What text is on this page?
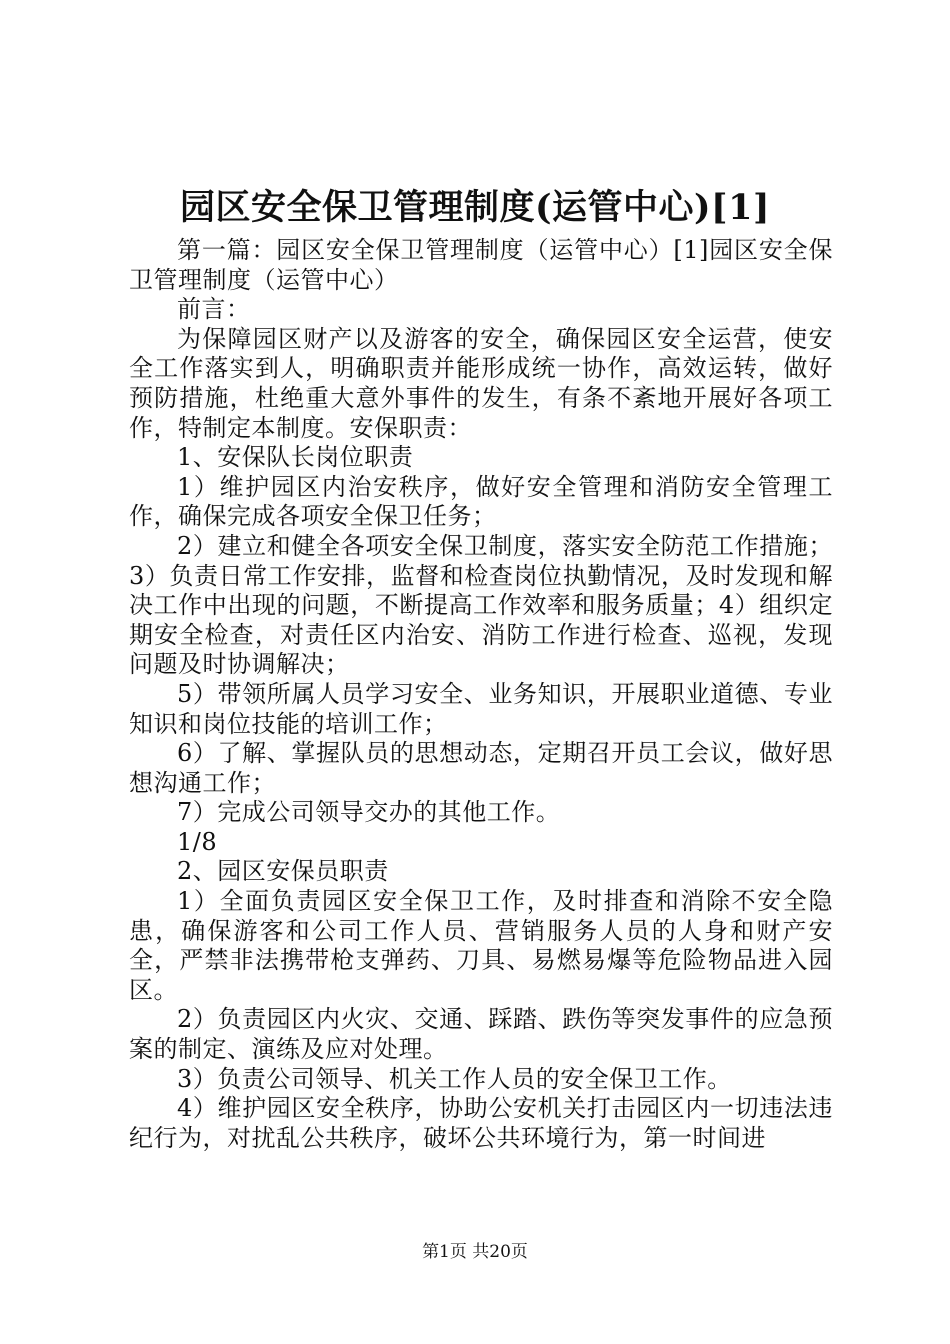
园区安全保卫管理制度(运管中心)[1]

第一篇：园区安全保卫管理制度（运管中心）[1]园区安全保卫管理制度（运管中心）

前言：

为保障园区财产以及游客的安全，确保园区安全运营，使安全工作落实到人，明确职责并能形成统一协作，高效运转，做好预防措施，杜绝重大意外事件的发生，有条不紊地开展好各项工作，特制定本制度。安保职责：

1、安保队长岗位职责

1）维护园区内治安秩序，做好安全管理和消防安全管理工作，确保完成各项安全保卫任务；

2）建立和健全各项安全保卫制度，落实安全防范工作措施；3）负责日常工作安排，监督和检查岗位执勤情况，及时发现和解决工作中出现的问题，不断提高工作效率和服务质量；4）组织定期安全检查，对责任区内治安、消防工作进行检查、巡视，发现问题及时协调解决；

5）带领所属人员学习安全、业务知识，开展职业道德、专业知识和岗位技能的培训工作；

6）了解、掌握队员的思想动态，定期召开员工会议，做好思想沟通工作；

7）完成公司领导交办的其他工作。

1/8

2、园区安保员职责

1）全面负责园区安全保卫工作，及时排查和消除不安全隐患，确保游客和公司工作人员、营销服务人员的人身和财产安全，严禁非法携带枪支弹药、刀具、易燃易爆等危险物品进入园区。

2）负责园区内火灾、交通、踩踏、跌伤等突发事件的应急预案的制定、演练及应对处理。

3）负责公司领导、机关工作人员的安全保卫工作。

4）维护园区安全秩序，协助公安机关打击园区内一切违法违纪行为，对扰乱公共秩序，破坏公共环境行为，第一时间进

第1页 共20页
